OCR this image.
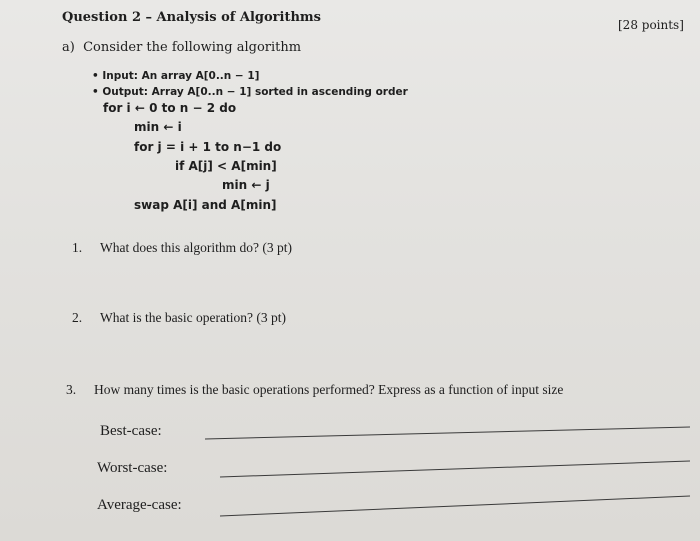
Question 2 – Analysis of Algorithms	[28 points]
a) Consider the following algorithm
• Input: An array A[0..n − 1]
• Output: Array A[0..n − 1] sorted in ascending order
for i ← 0 to n − 2 do
min ← i
for j = i + 1 to n−1 do
if A[j] < A[min]
min ← j
swap A[i] and A[min]
1. What does this algorithm do? (3 pt)
2. What is the basic operation? (3 pt)
3. How many times is the basic operations performed? Express as a function of input size
Best-case:
Worst-case:
Average-case:
